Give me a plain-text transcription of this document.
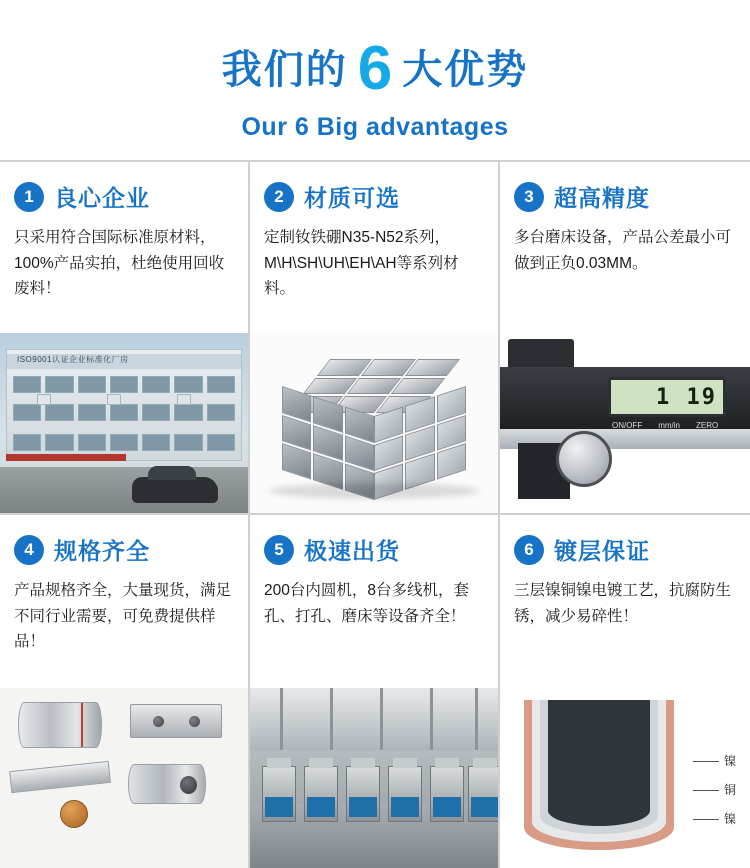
我们的 6 大优势
Our 6 Big advantages
1 良心企业
只采用符合国际标准原材料，100%产品实拍，杜绝使用回收废料！
ISO9001认证企业标准化厂房
2 材质可选
定制钕铁硼N35-N52系列，M\H\SH\UH\EH\AH等系列材料。
3 超高精度
多台磨床设备，产品公差最小可做到正负0.03MM。
1 19
ON/OFF mm/in ZERO
4 规格齐全
产品规格齐全，大量现货，满足不同行业需要，可免费提供样品！
5 极速出货
200台内圆机，8台多线机，套孔、打孔、磨床等设备齐全！
6 镀层保证
三层镍铜镍电镀工艺，抗腐防生锈，减少易碎性！
镍
铜
镍
